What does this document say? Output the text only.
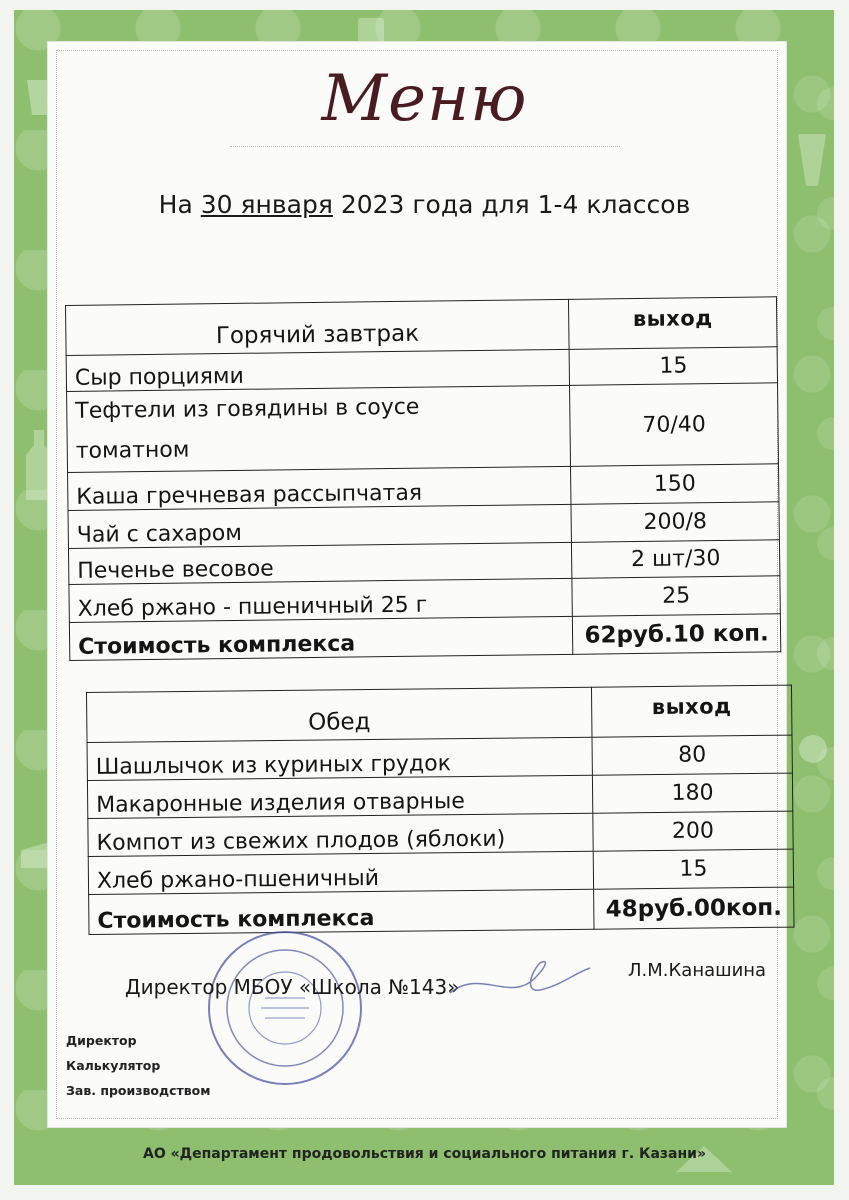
Меню
На 30 января 2023 года для 1-4 классов
Горячий завтрак	выход
Сыр порциями	15
Тефтели из говядины в соусе томатном	70/40
Каша гречневая рассыпчатая	150
Чай с сахаром	200/8
Печенье весовое	2 шт/30
Хлеб ржано - пшеничный 25 г	25
Стоимость комплекса	62руб.10 коп.
Обед	выход
Шашлычок из куриных грудок	80
Макаронные изделия отварные	180
Компот из свежих плодов (яблоки)	200
Хлеб ржано-пшеничный	15
Стоимость комплекса	48руб.00коп.
Директор МБОУ «Школа №143»
Л.М.Канашина
Директор
Калькулятор
Зав. производством
АО «Департамент продовольствия и социального питания г. Казани»
